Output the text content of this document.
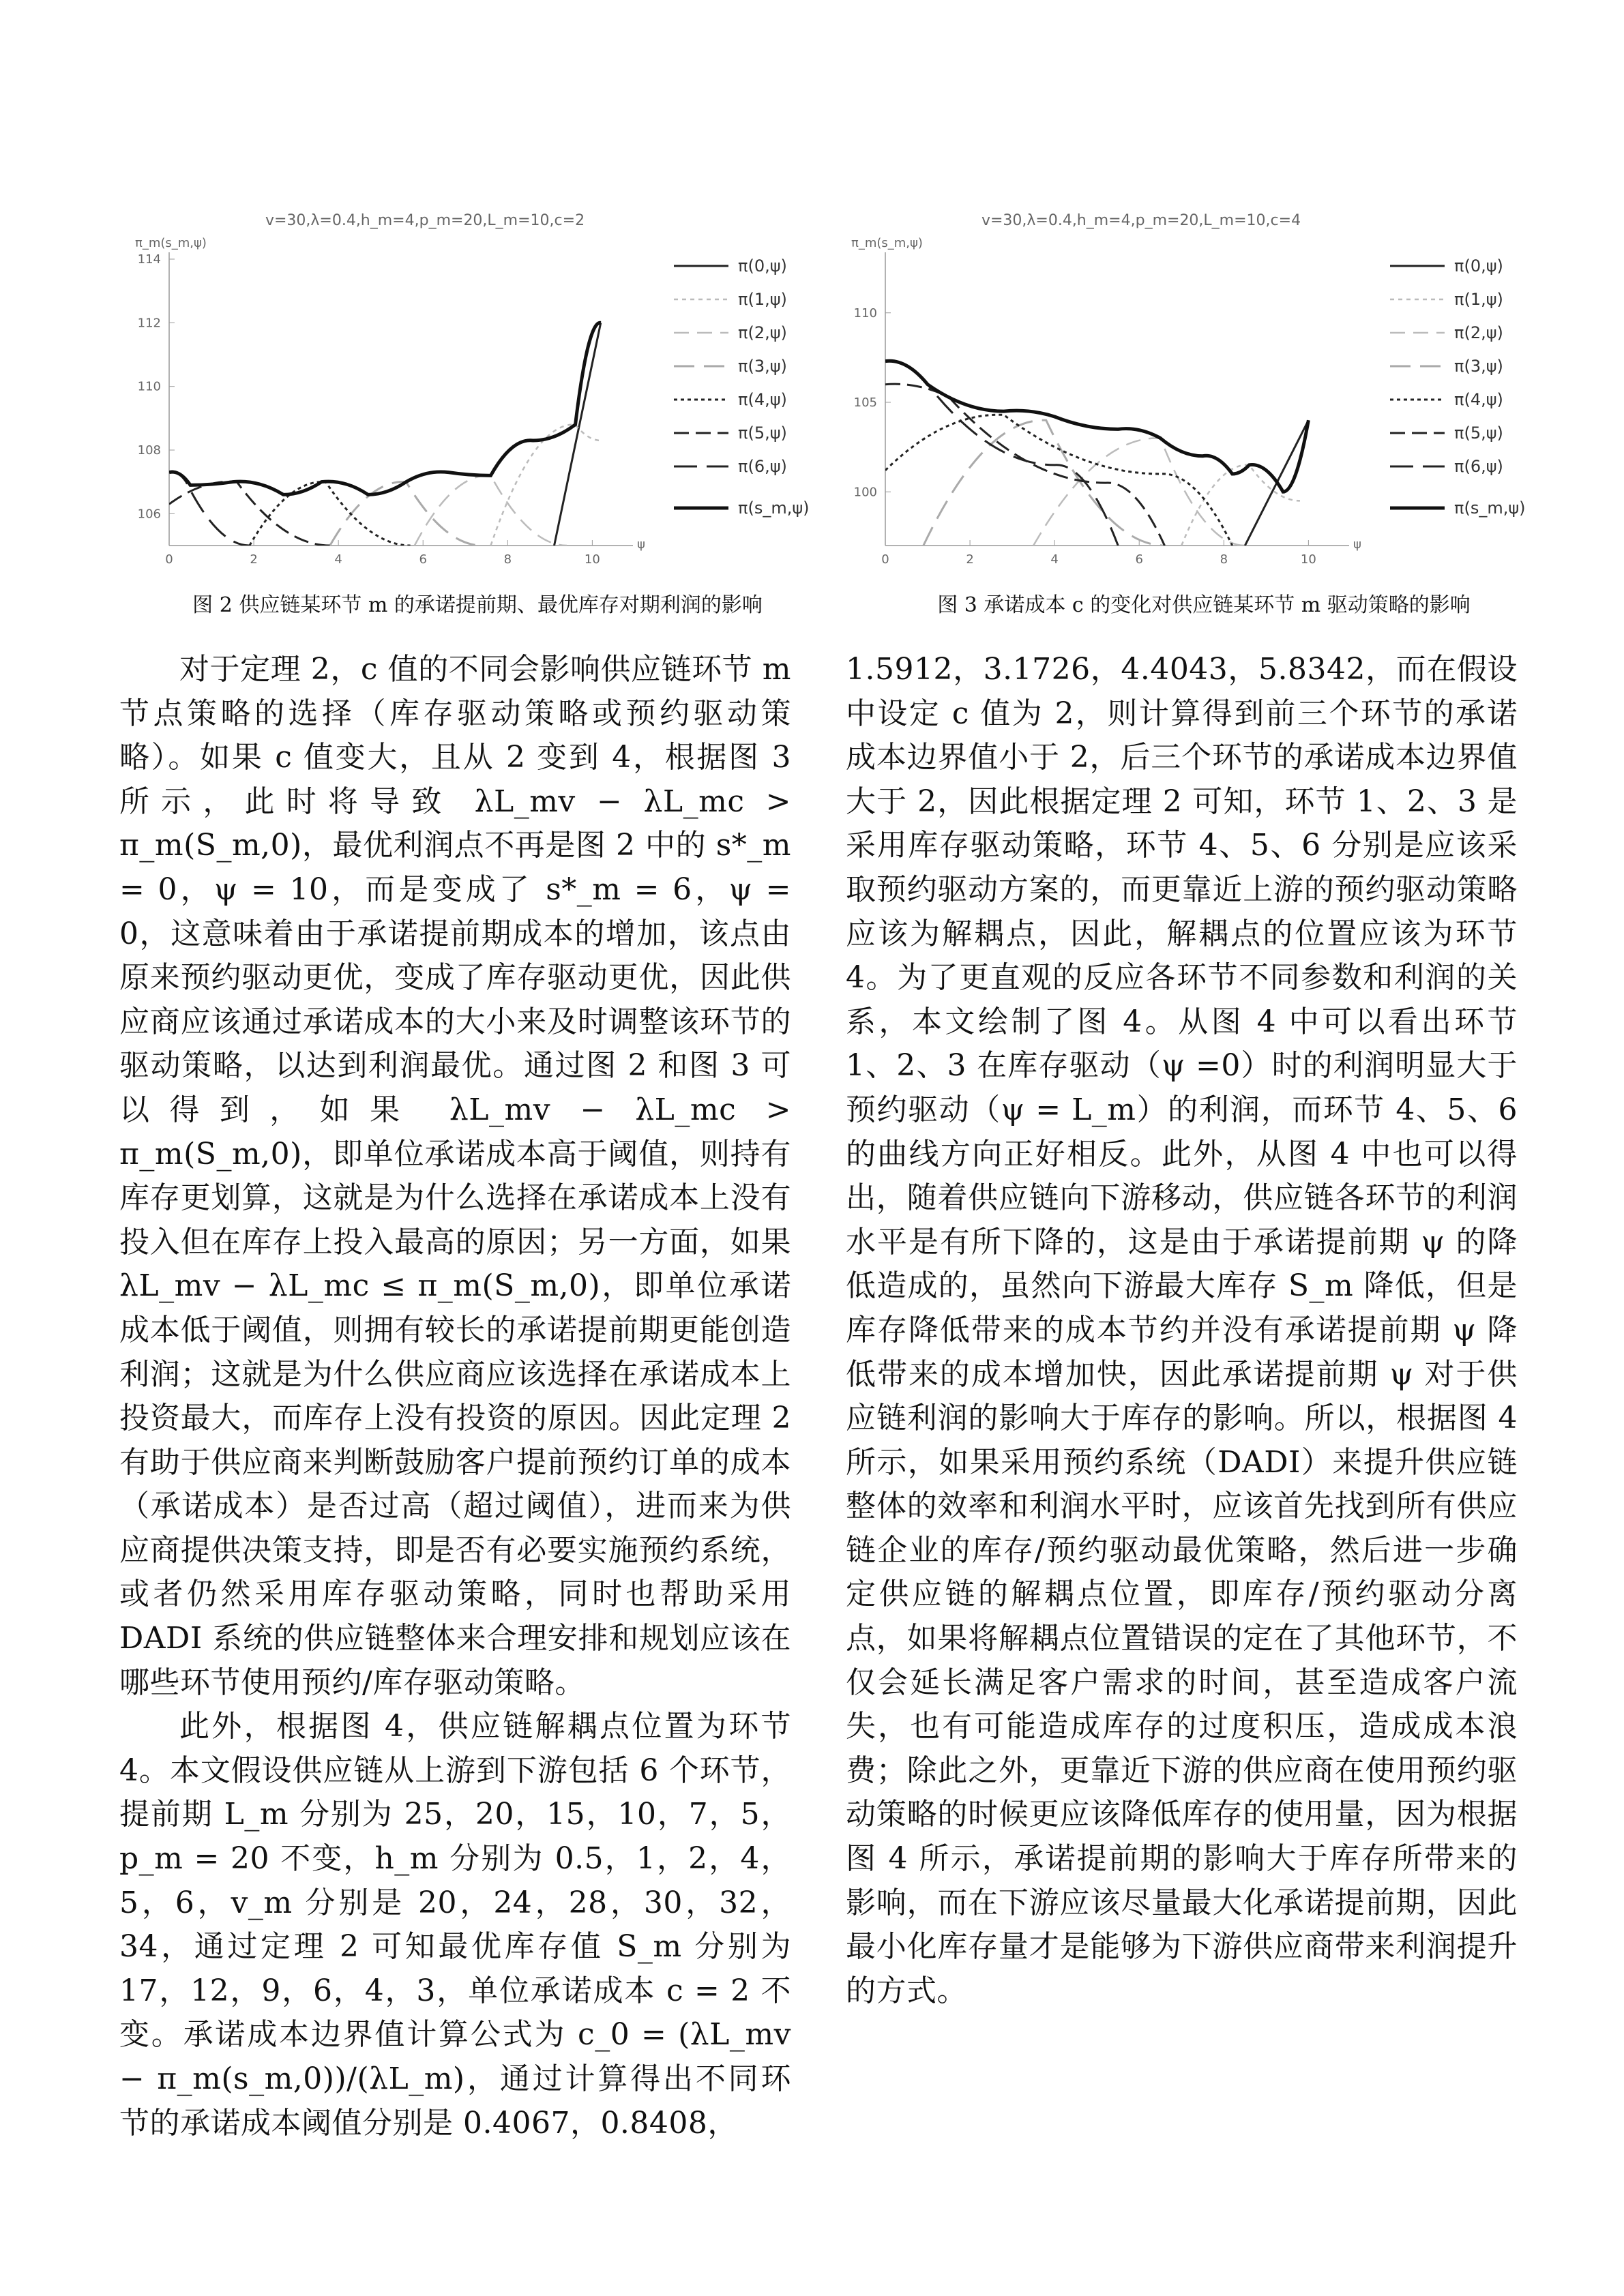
v=30,λ=0.4,h_m=4,p_m=20,L_m=10,c=2
π_m(s_m,ψ)
ψ
0	2	4	6	8	10
114
112
110
108
106
π(0,ψ)
π(1,ψ)
π(2,ψ)
π(3,ψ)
π(4,ψ)
π(5,ψ)
π(6,ψ)
π(s_m,ψ)
图 2 供应链某环节 m 的承诺提前期、最优库存对期利润的影响
v=30,λ=0.4,h_m=4,p_m=20,L_m=10,c=4
π_m(s_m,ψ)
ψ
0	2	4	6	8	10
110
105
100
π(0,ψ)
π(1,ψ)
π(2,ψ)
π(3,ψ)
π(4,ψ)
π(5,ψ)
π(6,ψ)
π(s_m,ψ)
图 3 承诺成本 c 的变化对供应链某环节 m 驱动策略的影响

对于定理 2，c 值的不同会影响供应链环节 m 节点策略的选择（库存驱动策略或预约驱动策略）。如果 c 值变大，且从 2 变到 4，根据图 3 所示，此时将导致 λL_mv − λL_mc > π_m(S_m,0)，最优利润点不再是图 2 中的 s*_m = 0，ψ = 10，而是变成了 s*_m = 6，ψ = 0，这意味着由于承诺提前期成本的增加，该点由原来预约驱动更优，变成了库存驱动更优，因此供应商应该通过承诺成本的大小来及时调整该环节的驱动策略，以达到利润最优。通过图 2 和图 3 可以得到，如果 λL_mv − λL_mc > π_m(S_m,0)，即单位承诺成本高于阈值，则持有库存更划算，这就是为什么选择在承诺成本上没有投入但在库存上投入最高的原因；另一方面，如果 λL_mv − λL_mc ≤ π_m(S_m,0)，即单位承诺成本低于阈值，则拥有较长的承诺提前期更能创造利润；这就是为什么供应商应该选择在承诺成本上投资最大，而库存上没有投资的原因。因此定理 2 有助于供应商来判断鼓励客户提前预约订单的成本（承诺成本）是否过高（超过阈值），进而来为供应商提供决策支持，即是否有必要实施预约系统，或者仍然采用库存驱动策略，同时也帮助采用 DADI 系统的供应链整体来合理安排和规划应该在哪些环节使用预约/库存驱动策略。

此外，根据图 4，供应链解耦点位置为环节 4。本文假设供应链从上游到下游包括 6 个环节，提前期 L_m 分别为 25，20，15，10，7，5，p_m = 20 不变，h_m 分别为 0.5，1，2，4，5，6，v_m 分别是 20，24，28，30，32，34，通过定理 2 可知最优库存值 S_m 分别为 17，12，9，6，4，3，单位承诺成本 c = 2 不变。承诺成本边界值计算公式为 c_0 = (λL_mv − π_m(s_m,0))/(λL_m)，通过计算得出不同环节的承诺成本阈值分别是 0.4067，0.8408，

1.5912，3.1726，4.4043，5.8342，而在假设中设定 c 值为 2，则计算得到前三个环节的承诺成本边界值小于 2，后三个环节的承诺成本边界值大于 2，因此根据定理 2 可知，环节 1、2、3 是采用库存驱动策略，环节 4、5、6 分别是应该采取预约驱动方案的，而更靠近上游的预约驱动策略应该为解耦点，因此，解耦点的位置应该为环节 4。为了更直观的反应各环节不同参数和利润的关系，本文绘制了图 4。从图 4 中可以看出环节 1、2、3 在库存驱动（ψ =0）时的利润明显大于预约驱动（ψ = L_m）的利润，而环节 4、5、6 的曲线方向正好相反。此外，从图 4 中也可以得出，随着供应链向下游移动，供应链各环节的利润水平是有所下降的，这是由于承诺提前期 ψ 的降低造成的，虽然向下游最大库存 S_m 降低，但是库存降低带来的成本节约并没有承诺提前期 ψ 降低带来的成本增加快，因此承诺提前期 ψ 对于供应链利润的影响大于库存的影响。所以，根据图 4 所示，如果采用预约系统（DADI）来提升供应链整体的效率和利润水平时，应该首先找到所有供应链企业的库存/预约驱动最优策略，然后进一步确定供应链的解耦点位置，即库存/预约驱动分离点，如果将解耦点位置错误的定在了其他环节，不仅会延长满足客户需求的时间，甚至造成客户流失，也有可能造成库存的过度积压，造成成本浪费；除此之外，更靠近下游的供应商在使用预约驱动策略的时候更应该降低库存的使用量，因为根据图 4 所示，承诺提前期的影响大于库存所带来的影响，而在下游应该尽量最大化承诺提前期，因此最小化库存量才是能够为下游供应商带来利润提升的方式。
